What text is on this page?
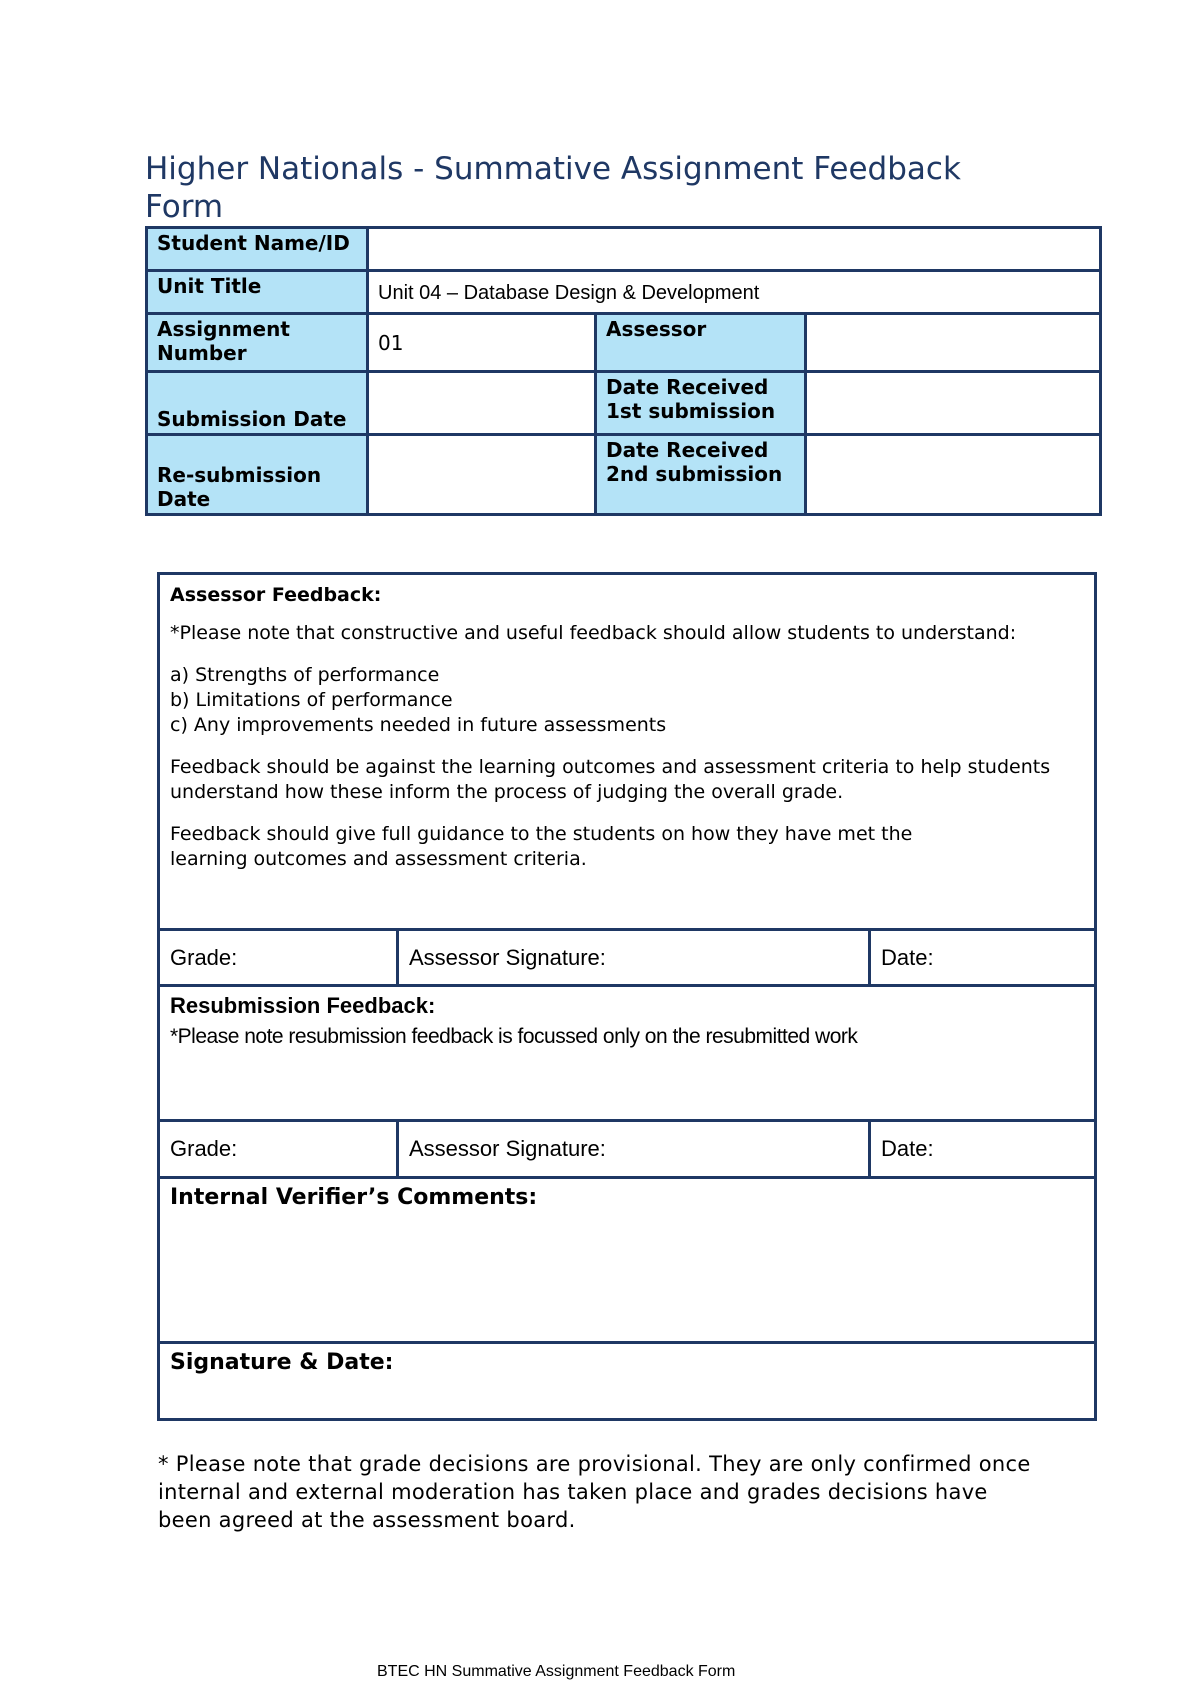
Higher Nationals - Summative Assignment Feedback Form
Student Name/ID			
Unit Title	Unit 04 – Database Design & Development		
Assignment Number	01	Assessor	
Submission Date		Date Received 1st submission	
Re-submission Date		Date Received 2nd submission	

Assessor Feedback:

*Please note that constructive and useful feedback should allow students to understand:

a) Strengths of performance
b) Limitations of performance
c) Any improvements needed in future assessments

Feedback should be against the learning outcomes and assessment criteria to help students understand how these inform the process of judging the overall grade.

Feedback should give full guidance to the students on how they have met the learning outcomes and assessment criteria.

Grade:	Assessor Signature:	Date:

Resubmission Feedback:

*Please note resubmission feedback is focussed only on the resubmitted work
Grade:	Assessor Signature:	Date:
Internal Verifier’s Comments:
Signature & Date:
* Please note that grade decisions are provisional. They are only confirmed once internal and external moderation has taken place and grades decisions have been agreed at the assessment board.
BTEC HN Summative Assignment Feedback Form
